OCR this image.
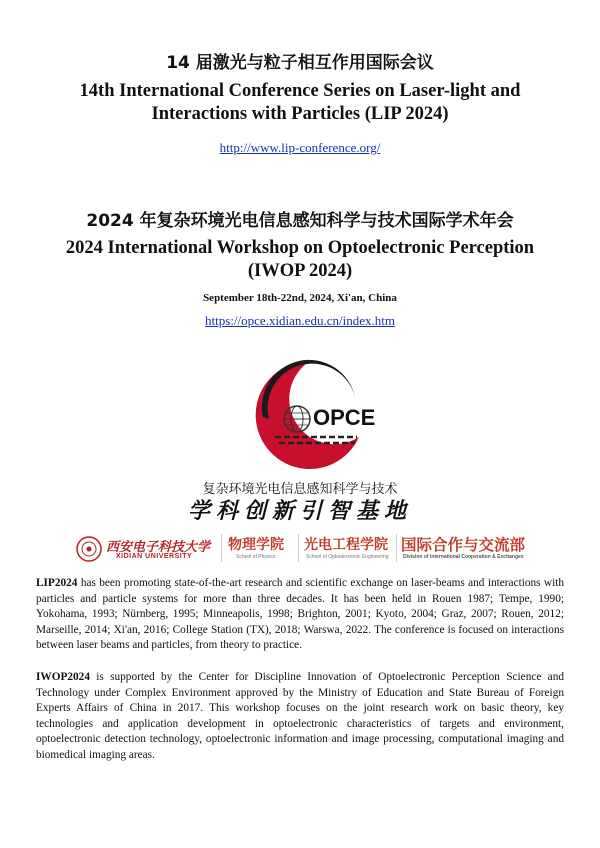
14 届激光与粒子相互作用国际会议
14th International Conference Series on Laser-light and
Interactions with Particles (LIP 2024)
http://www.lip-conference.org/
2024 年复杂环境光电信息感知科学与技术国际学术年会
2024 International Workshop on Optoelectronic Perception
(IWOP 2024)
September 18th-22nd, 2024, Xi'an, China
https://opce.xidian.edu.cn/index.htm
OPCE
复杂环境光电信息感知科学与技术
学科创新引智基地
西安电子科技大学
XIDIAN UNIVERSITY
物理学院
School of Physics
光电工程学院
School of Optoelectronic Engineering
国际合作与交流部
Division of International Cooperation & Exchanges
LIP2024 has been promoting state-of-the-art research and scientific exchange on laser-beams and interactions with particles and particle systems for more than three decades. It has been held in Rouen 1987; Tempe, 1990; Yokohama, 1993; Nürnberg, 1995; Minneapolis, 1998; Brighton, 2001; Kyoto, 2004; Graz, 2007; Rouen, 2012; Marseille, 2014; Xi'an, 2016; College Station (TX), 2018; Warswa, 2022. The conference is focused on interactions between laser beams and particles, from theory to practice.
IWOP2024 is supported by the Center for Discipline Innovation of Optoelectronic Perception Science and Technology under Complex Environment approved by the Ministry of Education and State Bureau of Foreign Experts Affairs of China in 2017. This workshop focuses on the joint research work on basic theory, key technologies and application development in optoelectronic characteristics of targets and environment, optoelectronic detection technology, optoelectronic information and image processing, computational imaging and biomedical imaging areas.
